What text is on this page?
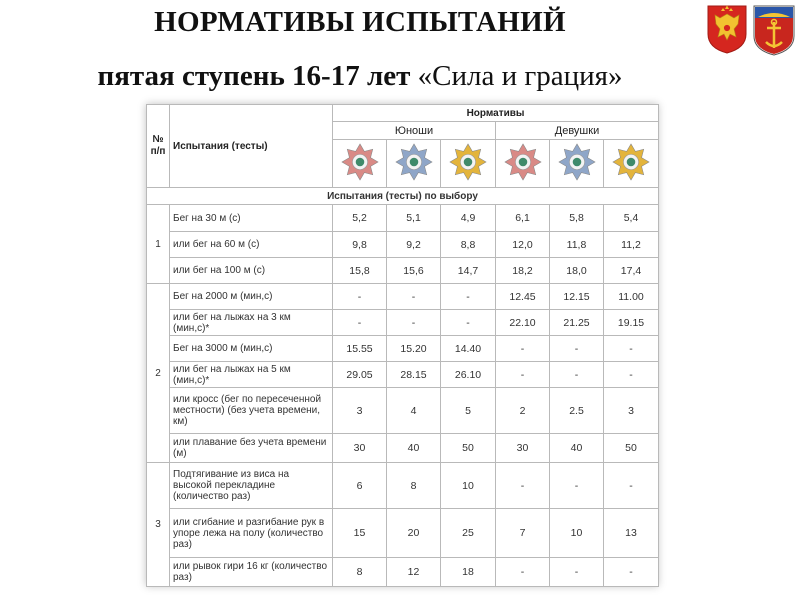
НОРМАТИВЫ ИСПЫТАНИЙ
пятая ступень 16-17 лет «Сила и грация»
№
п/п	Испытания (тесты)	Нормативы					
		Юноши			Девушки		

Испытания (тесты) по выбору							
1	Бег на 30 м (с)	5,2	5,1	4,9	6,1	5,8	5,4
	или бег на 60 м (с)	9,8	9,2	8,8	12,0	11,8	11,2
	или бег на 100 м (с)	15,8	15,6	14,7	18,2	18,0	17,4
2	Бег на 2000 м (мин,с)	-	-	-	12.45	12.15	11.00
	или бег на лыжах на 3 км (мин,с)*	-	-	-	22.10	21.25	19.15
	Бег на 3000 м (мин,с)	15.55	15.20	14.40	-	-	-
	или бег на лыжах на 5 км (мин,с)*	29.05	28.15	26.10	-	-	-
	или кросс (бег по пересеченной местности) (без учета времени, км)	3	4	5	2	2.5	3
	или плавание без учета времени (м)	30	40	50	30	40	50
3	Подтягивание из виса на высокой перекладине (количество раз)	6	8	10	-	-	-
	или сгибание и разгибание рук в упоре лежа на полу (количество раз)	15	20	25	7	10	13
	или рывок гири 16 кг (количество раз)	8	12	18	-	-	-
